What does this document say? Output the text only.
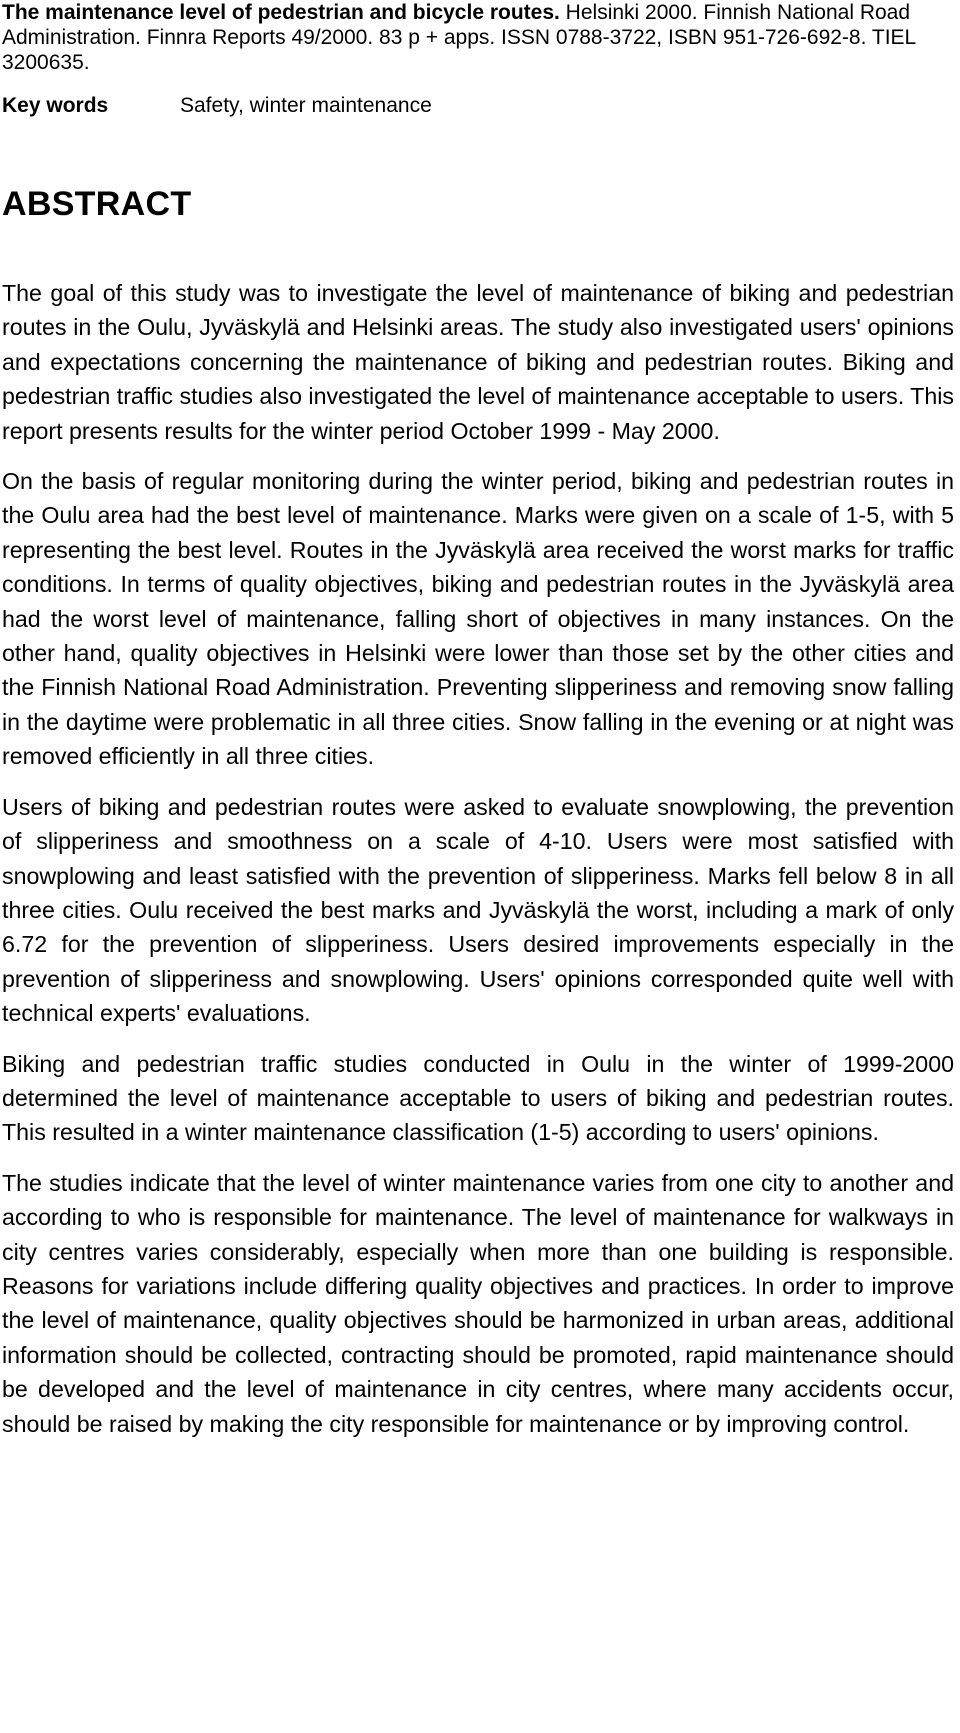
The maintenance level of pedestrian and bicycle routes. Helsinki 2000. Finnish National Road Administration. Finnra Reports 49/2000. 83 p + apps. ISSN 0788-3722, ISBN 951-726-692-8. TIEL 3200635.

Key words	Safety, winter maintenance
ABSTRACT

The goal of this study was to investigate the level of maintenance of biking and pedestrian routes in the Oulu, Jyväskylä and Helsinki areas. The study also investigated users' opinions and expectations concerning the maintenance of biking and pedestrian routes. Biking and pedestrian traffic studies also investigated the level of maintenance acceptable to users. This report presents results for the winter period October 1999 - May 2000.

On the basis of regular monitoring during the winter period, biking and pedestrian routes in the Oulu area had the best level of maintenance. Marks were given on a scale of 1-5, with 5 representing the best level. Routes in the Jyväskylä area received the worst marks for traffic conditions. In terms of quality objectives, biking and pedestrian routes in the Jyväskylä area had the worst level of maintenance, falling short of objectives in many instances. On the other hand, quality objectives in Helsinki were lower than those set by the other cities and the Finnish National Road Administration. Preventing slipperiness and removing snow falling in the daytime were problematic in all three cities. Snow falling in the evening or at night was removed efficiently in all three cities.

Users of biking and pedestrian routes were asked to evaluate snowplowing, the prevention of slipperiness and smoothness on a scale of 4-10. Users were most satisfied with snowplowing and least satisfied with the prevention of slipperiness. Marks fell below 8 in all three cities. Oulu received the best marks and Jyväskylä the worst, including a mark of only 6.72 for the prevention of slipperiness. Users desired improvements especially in the prevention of slipperiness and snowplowing. Users' opinions corresponded quite well with technical experts' evaluations.

Biking and pedestrian traffic studies conducted in Oulu in the winter of 1999-2000 determined the level of maintenance acceptable to users of biking and pedestrian routes. This resulted in a winter maintenance classification (1-5) according to users' opinions.

The studies indicate that the level of winter maintenance varies from one city to another and according to who is responsible for maintenance. The level of maintenance for walkways in city centres varies considerably, especially when more than one building is responsible. Reasons for variations include differing quality objectives and practices. In order to improve the level of maintenance, quality objectives should be harmonized in urban areas, additional information should be collected, contracting should be promoted, rapid maintenance should be developed and the level of maintenance in city centres, where many accidents occur, should be raised by making the city responsible for maintenance or by improving control.
